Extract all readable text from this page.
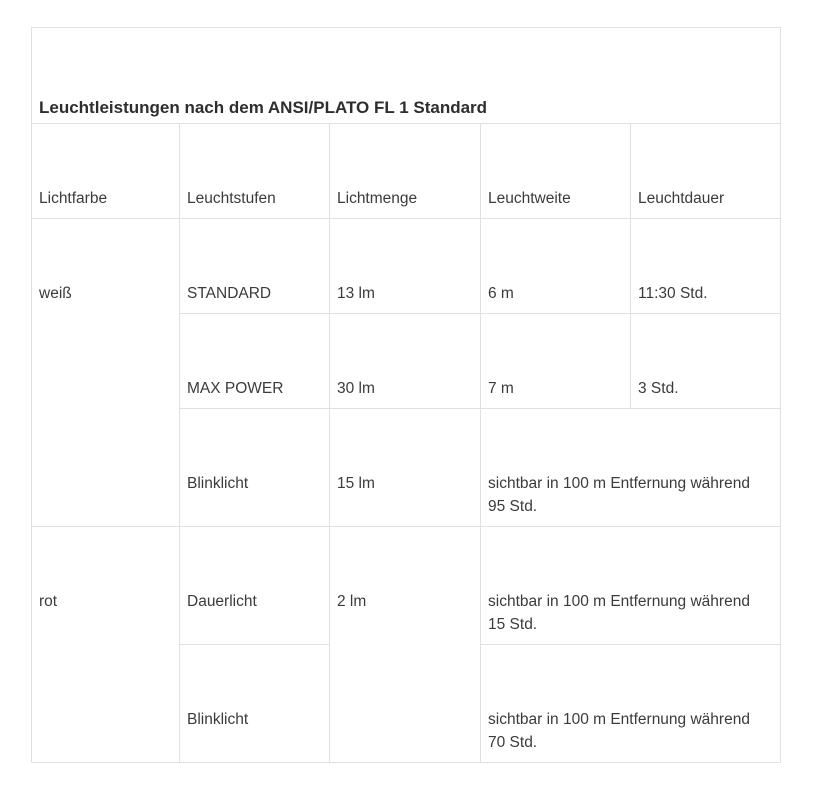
Leuchtleistungen nach dem ANSI/PLATO FL 1 Standard				
Lichtfarbe	Leuchtstufen	Lichtmenge	Leuchtweite	Leuchtdauer
weiß	STANDARD	13 lm	6 m	11:30 Std.
	MAX POWER	30 lm	7 m	3 Std.
	Blinklicht	15 lm	sichtbar in 100 m Entfernung während 95 Std.	
rot	Dauerlicht	2 lm	sichtbar in 100 m Entfernung während 15 Std.	
	Blinklicht		sichtbar in 100 m Entfernung während 70 Std.	
